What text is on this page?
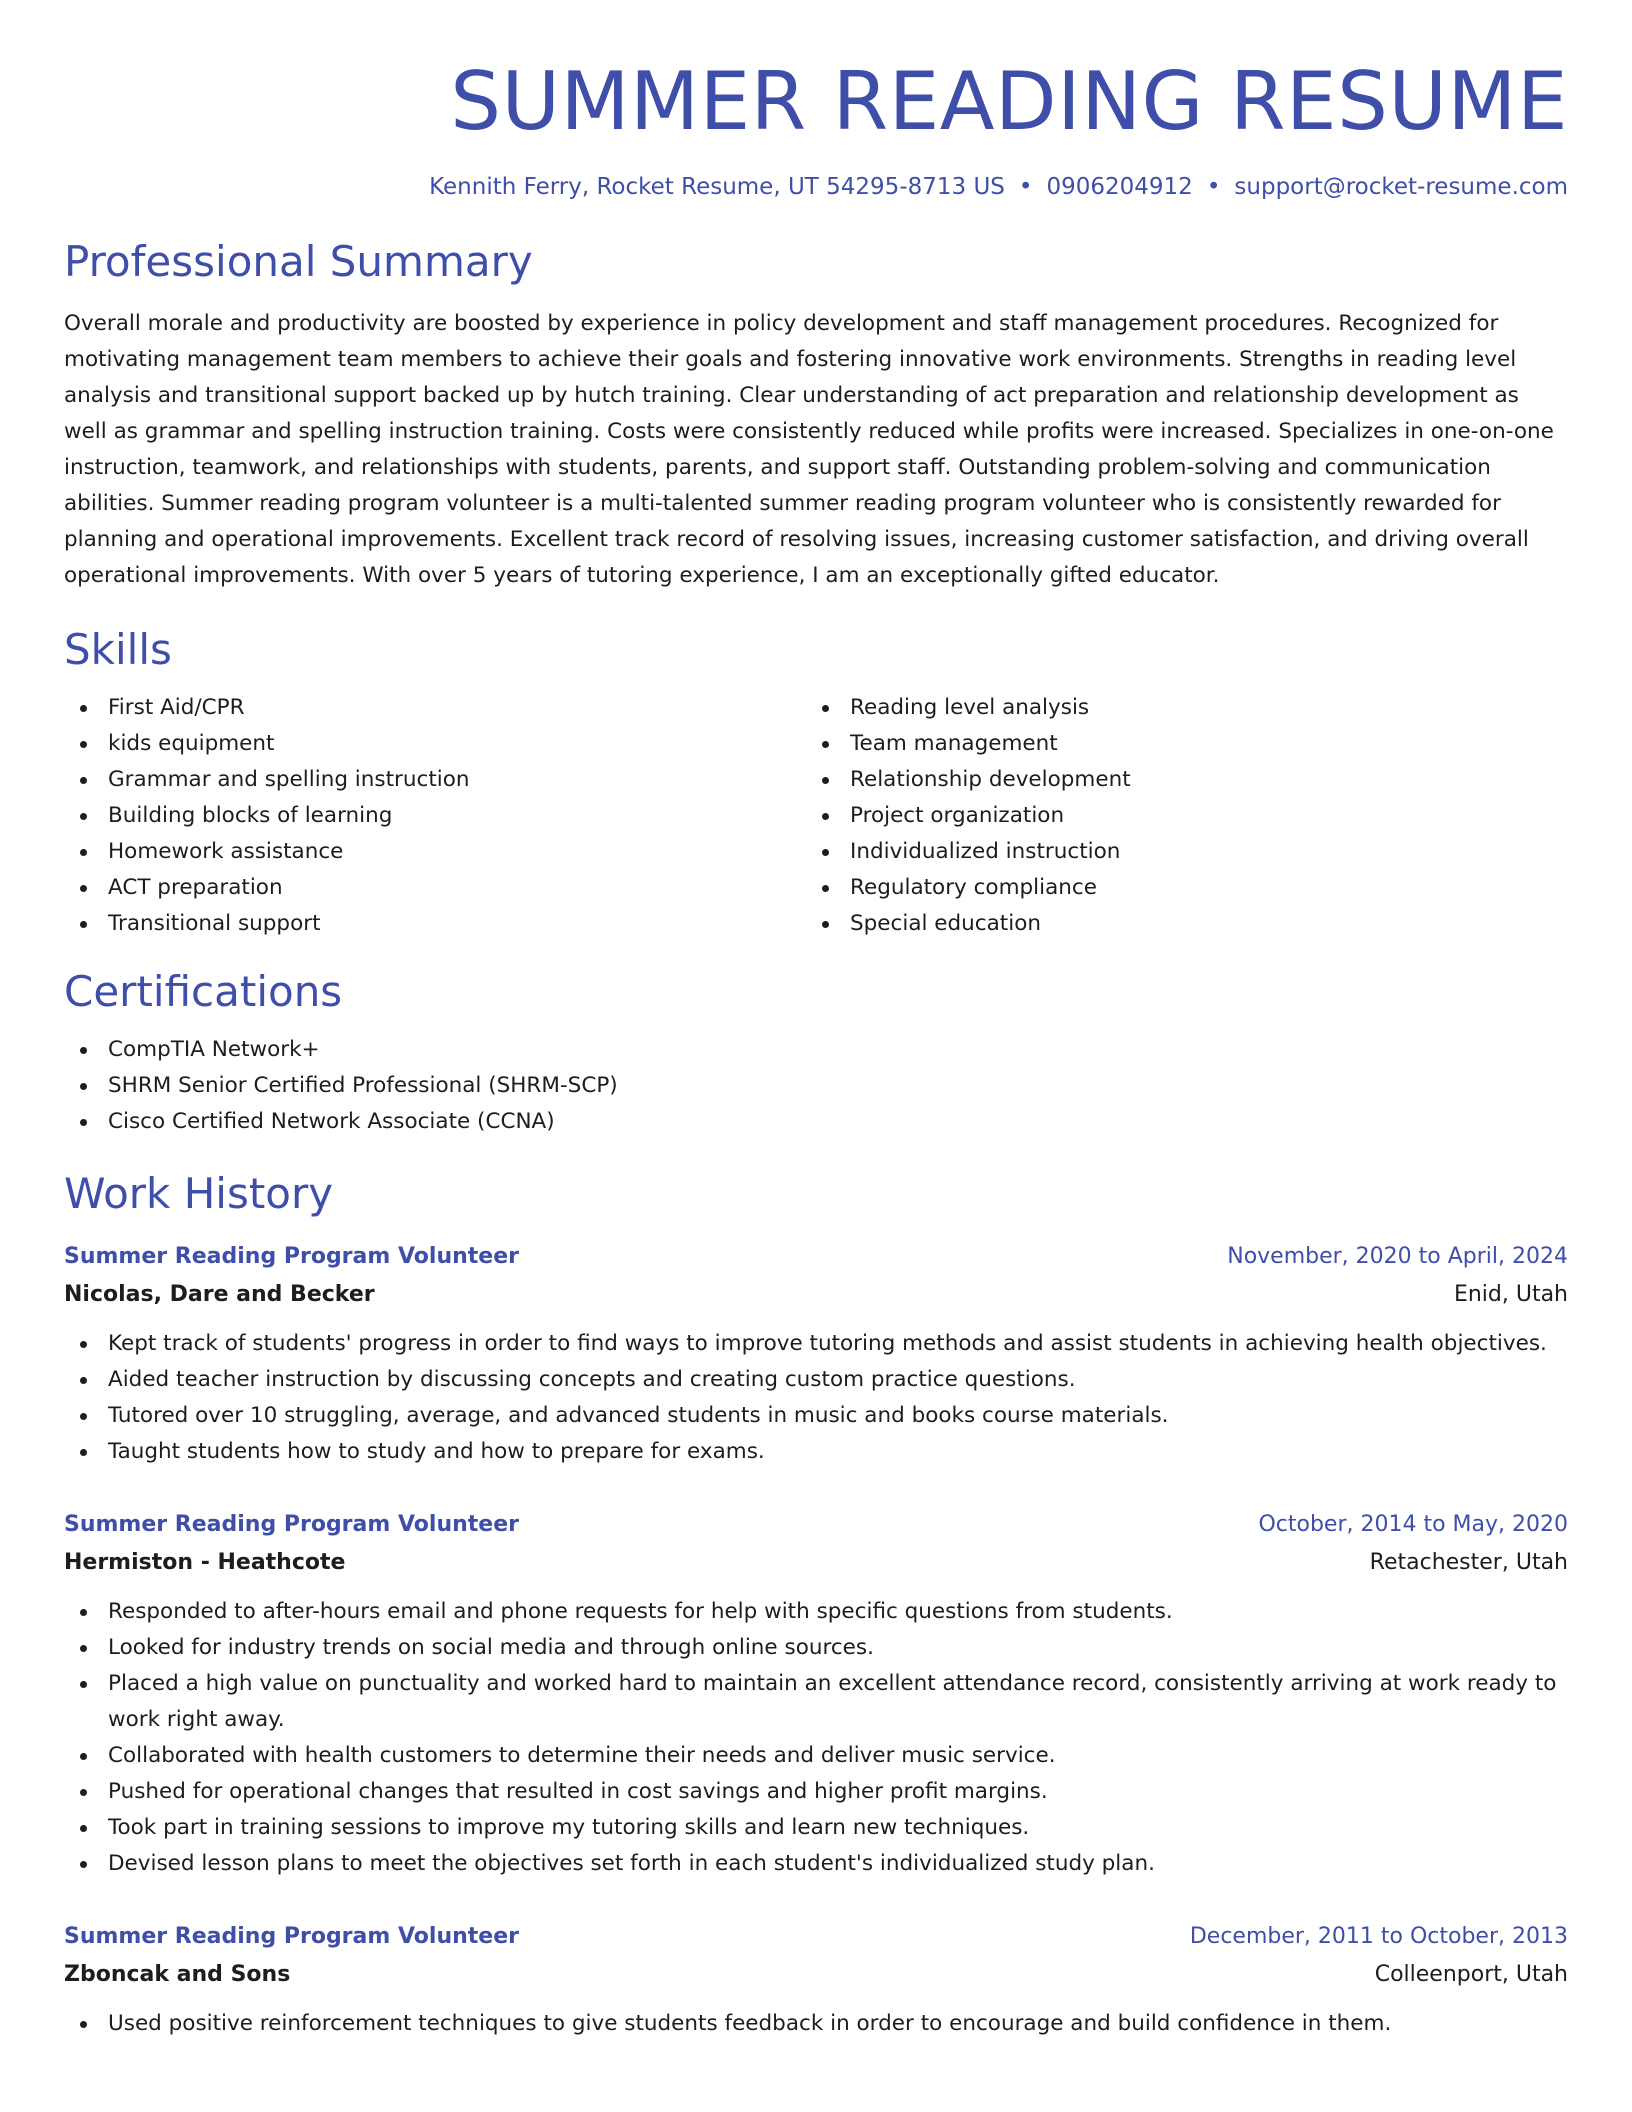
SUMMER READING RESUME
Kennith Ferry, Rocket Resume, UT 54295-8713 US • 0906204912 • support@rocket-resume.com
Professional Summary

Overall morale and productivity are boosted by experience in policy development and staff management procedures. Recognized for motivating management team members to achieve their goals and fostering innovative work environments. Strengths in reading level analysis and transitional support backed up by hutch training. Clear understanding of act preparation and relationship development as well as grammar and spelling instruction training. Costs were consistently reduced while profits were increased. Specializes in one-on-one instruction, teamwork, and relationships with students, parents, and support staff. Outstanding problem-solving and communication abilities. Summer reading program volunteer is a multi-talented summer reading program volunteer who is consistently rewarded for planning and operational improvements. Excellent track record of resolving issues, increasing customer satisfaction, and driving overall operational improvements. With over 5 years of tutoring experience, I am an exceptionally gifted educator.

Skills
First Aid/CPR
kids equipment
Grammar and spelling instruction
Building blocks of learning
Homework assistance
ACT preparation
Transitional support
Reading level analysis
Team management
Relationship development
Project organization
Individualized instruction
Regulatory compliance
Special education
Certifications
CompTIA Network+
SHRM Senior Certified Professional (SHRM-SCP)
Cisco Certified Network Associate (CCNA)
Work History
Summer Reading Program Volunteer	November, 2020 to April, 2024
Nicolas, Dare and Becker	Enid, Utah
Kept track of students' progress in order to find ways to improve tutoring methods and assist students in achieving health objectives.
Aided teacher instruction by discussing concepts and creating custom practice questions.
Tutored over 10 struggling, average, and advanced students in music and books course materials.
Taught students how to study and how to prepare for exams.
Summer Reading Program Volunteer	October, 2014 to May, 2020
Hermiston - Heathcote	Retachester, Utah
Responded to after-hours email and phone requests for help with specific questions from students.
Looked for industry trends on social media and through online sources.
Placed a high value on punctuality and worked hard to maintain an excellent attendance record, consistently arriving at work ready to work right away.
Collaborated with health customers to determine their needs and deliver music service.
Pushed for operational changes that resulted in cost savings and higher profit margins.
Took part in training sessions to improve my tutoring skills and learn new techniques.
Devised lesson plans to meet the objectives set forth in each student's individualized study plan.
Summer Reading Program Volunteer	December, 2011 to October, 2013
Zboncak and Sons	Colleenport, Utah
Used positive reinforcement techniques to give students feedback in order to encourage and build confidence in them.
